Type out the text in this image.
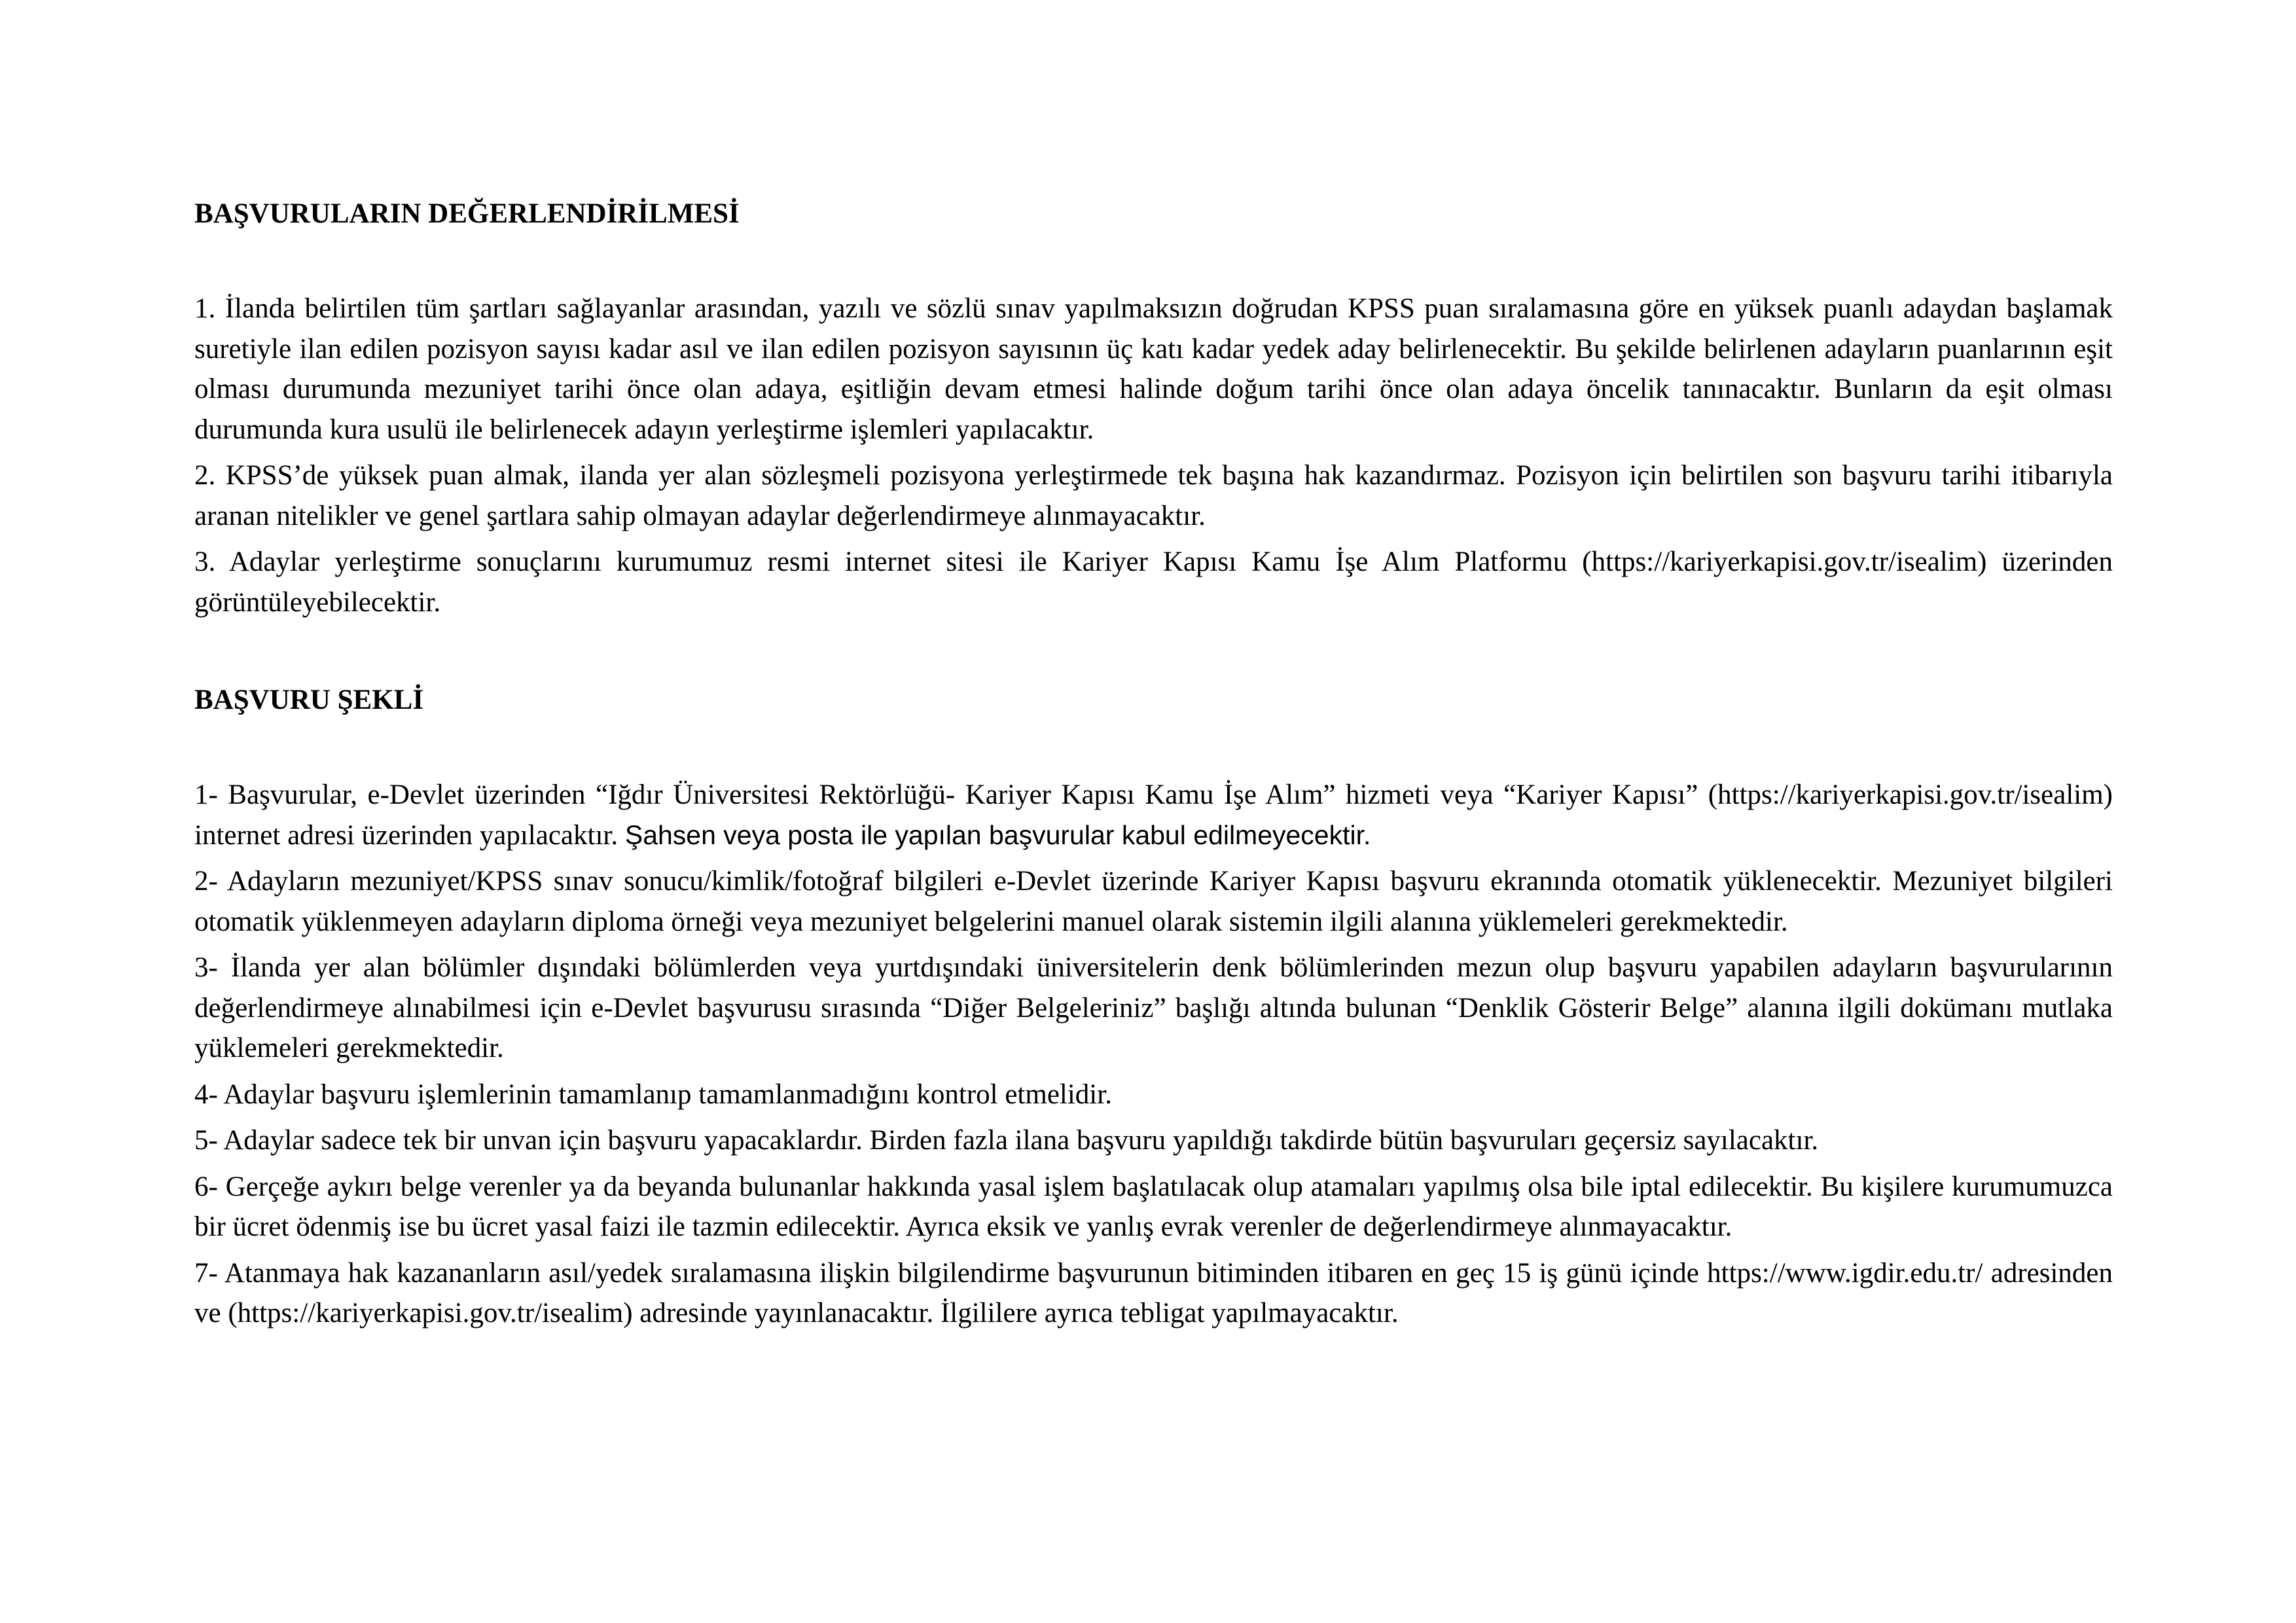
BAŞVURULARIN DEĞERLENDİRİLMESİ

1. İlanda belirtilen tüm şartları sağlayanlar arasından, yazılı ve sözlü sınav yapılmaksızın doğrudan KPSS puan sıralamasına göre en yüksek puanlı adaydan başlamak suretiyle ilan edilen pozisyon sayısı kadar asıl ve ilan edilen pozisyon sayısının üç katı kadar yedek aday belirlenecektir. Bu şekilde belirlenen adayların puanlarının eşit olması durumunda mezuniyet tarihi önce olan adaya, eşitliğin devam etmesi halinde doğum tarihi önce olan adaya öncelik tanınacaktır. Bunların da eşit olması durumunda kura usulü ile belirlenecek adayın yerleştirme işlemleri yapılacaktır.

2. KPSS’de yüksek puan almak, ilanda yer alan sözleşmeli pozisyona yerleştirmede tek başına hak kazandırmaz. Pozisyon için belirtilen son başvuru tarihi itibarıyla aranan nitelikler ve genel şartlara sahip olmayan adaylar değerlendirmeye alınmayacaktır.

3. Adaylar yerleştirme sonuçlarını kurumumuz resmi internet sitesi ile Kariyer Kapısı Kamu İşe Alım Platformu (https://kariyerkapisi.gov.tr/isealim) üzerinden görüntüleyebilecektir.

BAŞVURU ŞEKLİ

1- Başvurular, e-Devlet üzerinden “Iğdır Üniversitesi Rektörlüğü- Kariyer Kapısı Kamu İşe Alım” hizmeti veya “Kariyer Kapısı” (https://kariyerkapisi.gov.tr/isealim) internet adresi üzerinden yapılacaktır. Şahsen veya posta ile yapılan başvurular kabul edilmeyecektir.

2- Adayların mezuniyet/KPSS sınav sonucu/kimlik/fotoğraf bilgileri e-Devlet üzerinde Kariyer Kapısı başvuru ekranında otomatik yüklenecektir. Mezuniyet bilgileri otomatik yüklenmeyen adayların diploma örneği veya mezuniyet belgelerini manuel olarak sistemin ilgili alanına yüklemeleri gerekmektedir.

3- İlanda yer alan bölümler dışındaki bölümlerden veya yurtdışındaki üniversitelerin denk bölümlerinden mezun olup başvuru yapabilen adayların başvurularının değerlendirmeye alınabilmesi için e-Devlet başvurusu sırasında “Diğer Belgeleriniz” başlığı altında bulunan “Denklik Gösterir Belge” alanına ilgili dokümanı mutlaka yüklemeleri gerekmektedir.

4- Adaylar başvuru işlemlerinin tamamlanıp tamamlanmadığını kontrol etmelidir.

5- Adaylar sadece tek bir unvan için başvuru yapacaklardır. Birden fazla ilana başvuru yapıldığı takdirde bütün başvuruları geçersiz sayılacaktır.

6- Gerçeğe aykırı belge verenler ya da beyanda bulunanlar hakkında yasal işlem başlatılacak olup atamaları yapılmış olsa bile iptal edilecektir. Bu kişilere kurumumuzca bir ücret ödenmiş ise bu ücret yasal faizi ile tazmin edilecektir. Ayrıca eksik ve yanlış evrak verenler de değerlendirmeye alınmayacaktır.

7- Atanmaya hak kazananların asıl/yedek sıralamasına ilişkin bilgilendirme başvurunun bitiminden itibaren en geç 15 iş günü içinde https://www.igdir.edu.tr/ adresinden ve (https://kariyerkapisi.gov.tr/isealim) adresinde yayınlanacaktır. İlgililere ayrıca tebligat yapılmayacaktır.
